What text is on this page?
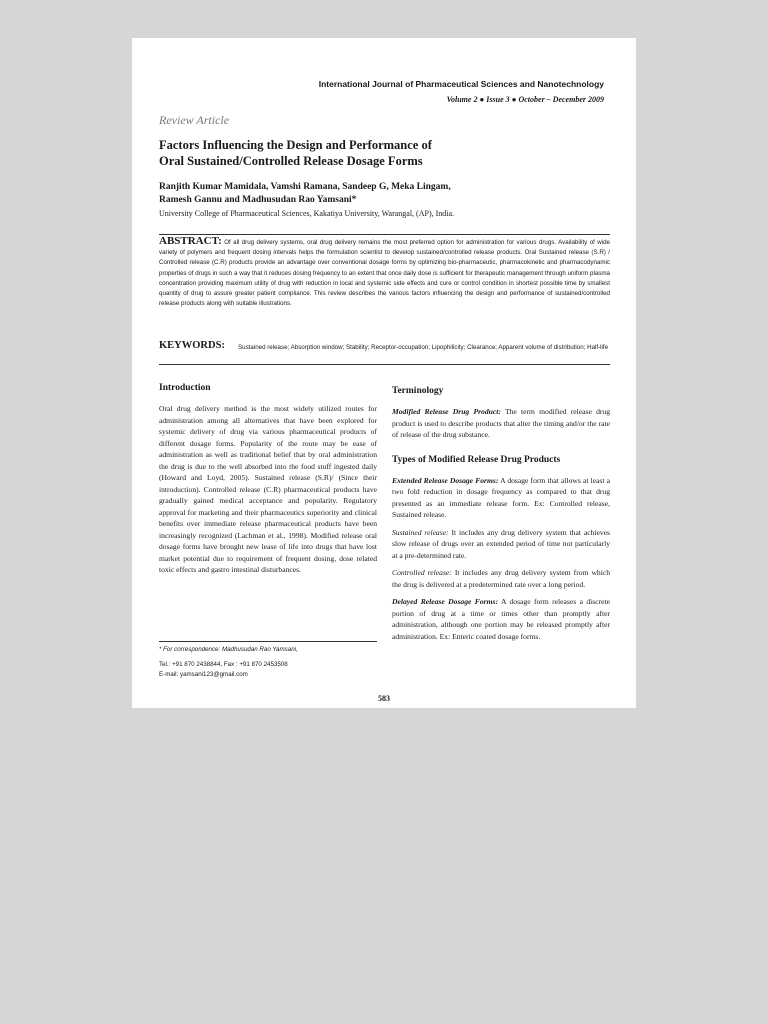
International Journal of Pharmaceutical Sciences and Nanotechnology
Volume 2 ● Issue 3 ● October – December 2009
Review Article
Factors Influencing the Design and Performance of
Oral Sustained/Controlled Release Dosage Forms
Ranjith Kumar Mamidala, Vamshi Ramana, Sandeep G, Meka Lingam,
Ramesh Gannu and Madhusudan Rao Yamsani*
University College of Pharmaceutical Sciences, Kakatiya University, Warangal, (AP), India.
ABSTRACT: Of all drug delivery systems, oral drug delivery remains the most preferred option for administration for various drugs. Availability of wide variety of polymers and frequent dosing intervals helps the formulation scientist to develop sustained/controlled release products. Oral Sustained release (S.R) / Controlled release (C.R) products provide an advantage over conventional dosage forms by optimizing bio-pharmaceutic, pharmacokinetic and pharmacodynamic properties of drugs in such a way that it reduces dosing frequency to an extent that once daily dose is sufficient for therapeutic management through uniform plasma concentration providing maximum utility of drug with reduction in local and systemic side effects and cure or control condition in shortest possible time by smallest quantity of drug to assure greater patient compliance. This review describes the various factors influencing the design and performance of sustained/controlled release products along with suitable illustrations.
KEYWORDS: Sustained release; Absorption window; Stability; Receptor-occupation; Lipophilicity; Clearance; Apparent volume of distribution; Half-life
Introduction

Oral drug delivery method is the most widely utilized routes for administration among all alternatives that have been explored for systemic delivery of drug via various pharmaceutical products of different dosage forms. Popularity of the route may be ease of administration as well as traditional belief that by oral administration the drug is due to the well absorbed into the food stuff ingested daily (Howard and Loyd, 2005). Sustained release (S.R)/ (Since their introduction). Controlled release (C.R) pharmaceutical products have gradually gained medical acceptance and popularity. Regulatory approval for marketing and their pharmaceutics superiority and clinical benefits over immediate release pharmaceutical products have been increasingly recognized (Lachman et al., 1998). Modified release oral dosage forms have brought new lease of life into drugs that have lost market potential due to requirement of frequent dosing, dose related toxic effects and gastro intestinal disturbances.

* For correspondence: Madhusudan Rao Yamsani,
Tel.: +91 870 2438844, Fax : +91 870 2453508
E-mail: yamsani123@gmail.com
Terminology

Modified Release Drug Product: The term modified release drug product is used to describe products that alter the timing and/or the rate of release of the drug substance.

Types of Modified Release Drug Products

Extended Release Dosage Forms: A dosage form that allows at least a two fold reduction in dosage frequency as compared to that drug presented as an immediate release form. Ex: Controlled release, Sustained release.

Sustained release: It includes any drug delivery system that achieves slow release of drugs over an extended period of time not particularly at a pre-determined rate.

Controlled release: It includes any drug delivery system from which the drug is delivered at a predetermined rate over a long period.

Delayed Release Dosage Forms: A dosage form releases a discrete portion of drug at a time or times other than promptly after administration, although one portion may be released promptly after administration. Ex: Enteric coated dosage forms.

583
